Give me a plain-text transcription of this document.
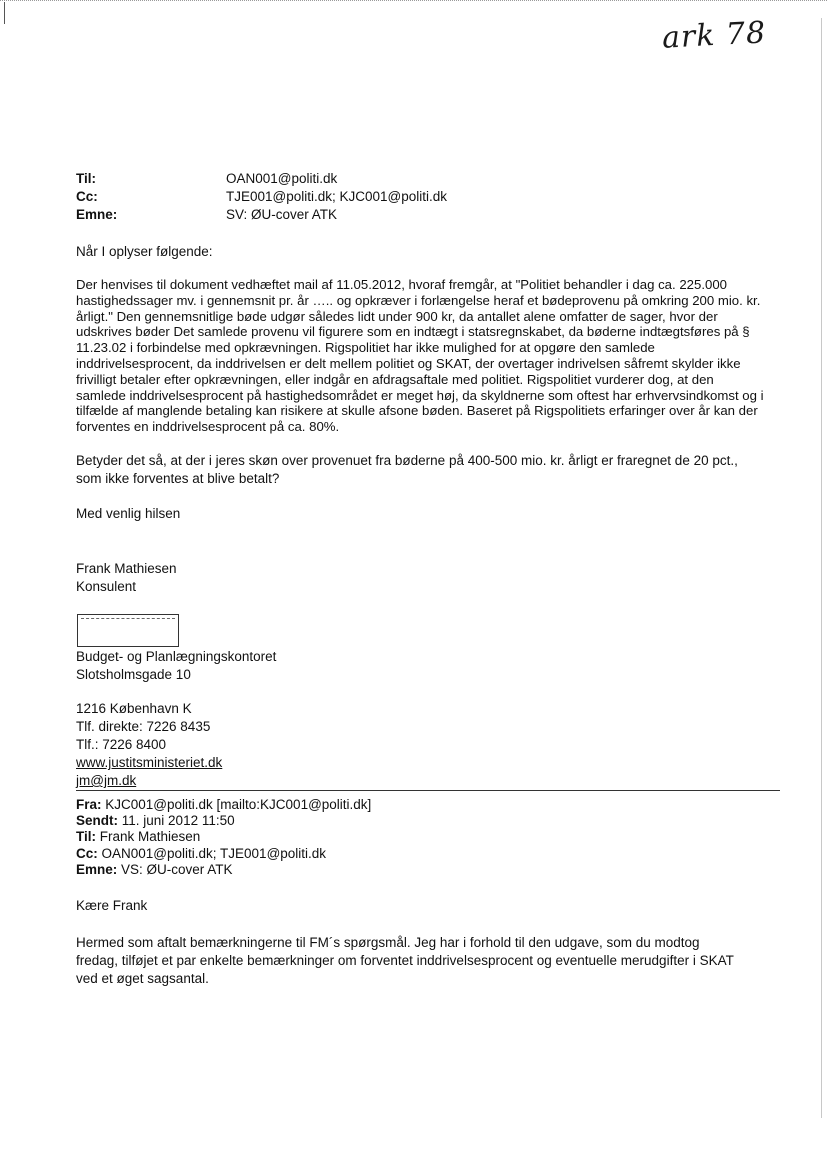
ark 78
Til:	OAN001@politi.dk
Cc:	TJE001@politi.dk; KJC001@politi.dk
Emne:	SV: ØU-cover ATK
Når I oplyser følgende:

Der henvises til dokument vedhæftet mail af 11.05.2012, hvoraf fremgår, at "Politiet behandler i dag ca. 225.000 hastighedssager mv. i gennemsnit pr. år ….. og opkræver i forlængelse heraf et bødeprovenu på omkring 200 mio. kr. årligt." Den gennemsnitlige bøde udgør således lidt under 900 kr, da antallet alene omfatter de sager, hvor der udskrives bøder Det samlede provenu vil figurere som en indtægt i statsregnskabet, da bøderne indtægtsføres på § 11.23.02 i forbindelse med opkrævningen. Rigspolitiet har ikke mulighed for at opgøre den samlede inddrivelsesprocent, da inddrivelsen er delt mellem politiet og SKAT, der overtager indrivelsen såfremt skylder ikke frivilligt betaler efter opkrævningen, eller indgår en afdragsaftale med politiet. Rigspolitiet vurderer dog, at den samlede inddrivelsesprocent på hastighedsområdet er meget høj, da skyldnerne som oftest har erhvervsindkomst og i tilfælde af manglende betaling kan risikere at skulle afsone bøden. Baseret på Rigspolitiets erfaringer over år kan der forventes en inddrivelsesprocent på ca. 80%.

Betyder det så, at der i jeres skøn over provenuet fra bøderne på 400-500 mio. kr. årligt er fraregnet de 20 pct., som ikke forventes at blive betalt?

Med venlig hilsen
Frank Mathiesen
Konsulent
Budget- og Planlægningskontoret
Slotsholmsgade 10
1216 København K
Tlf. direkte: 7226 8435
Tlf.: 7226 8400
www.justitsministeriet.dk
jm@jm.dk
Fra: KJC001@politi.dk [mailto:KJC001@politi.dk]
Sendt: 11. juni 2012 11:50
Til: Frank Mathiesen
Cc: OAN001@politi.dk; TJE001@politi.dk
Emne: VS: ØU-cover ATK
Kære Frank

Hermed som aftalt bemærkningerne til FM´s spørgsmål. Jeg har i forhold til den udgave, som du modtog fredag, tilføjet et par enkelte bemærkninger om forventet inddrivelsesprocent og eventuelle merudgifter i SKAT ved et øget sagsantal.
